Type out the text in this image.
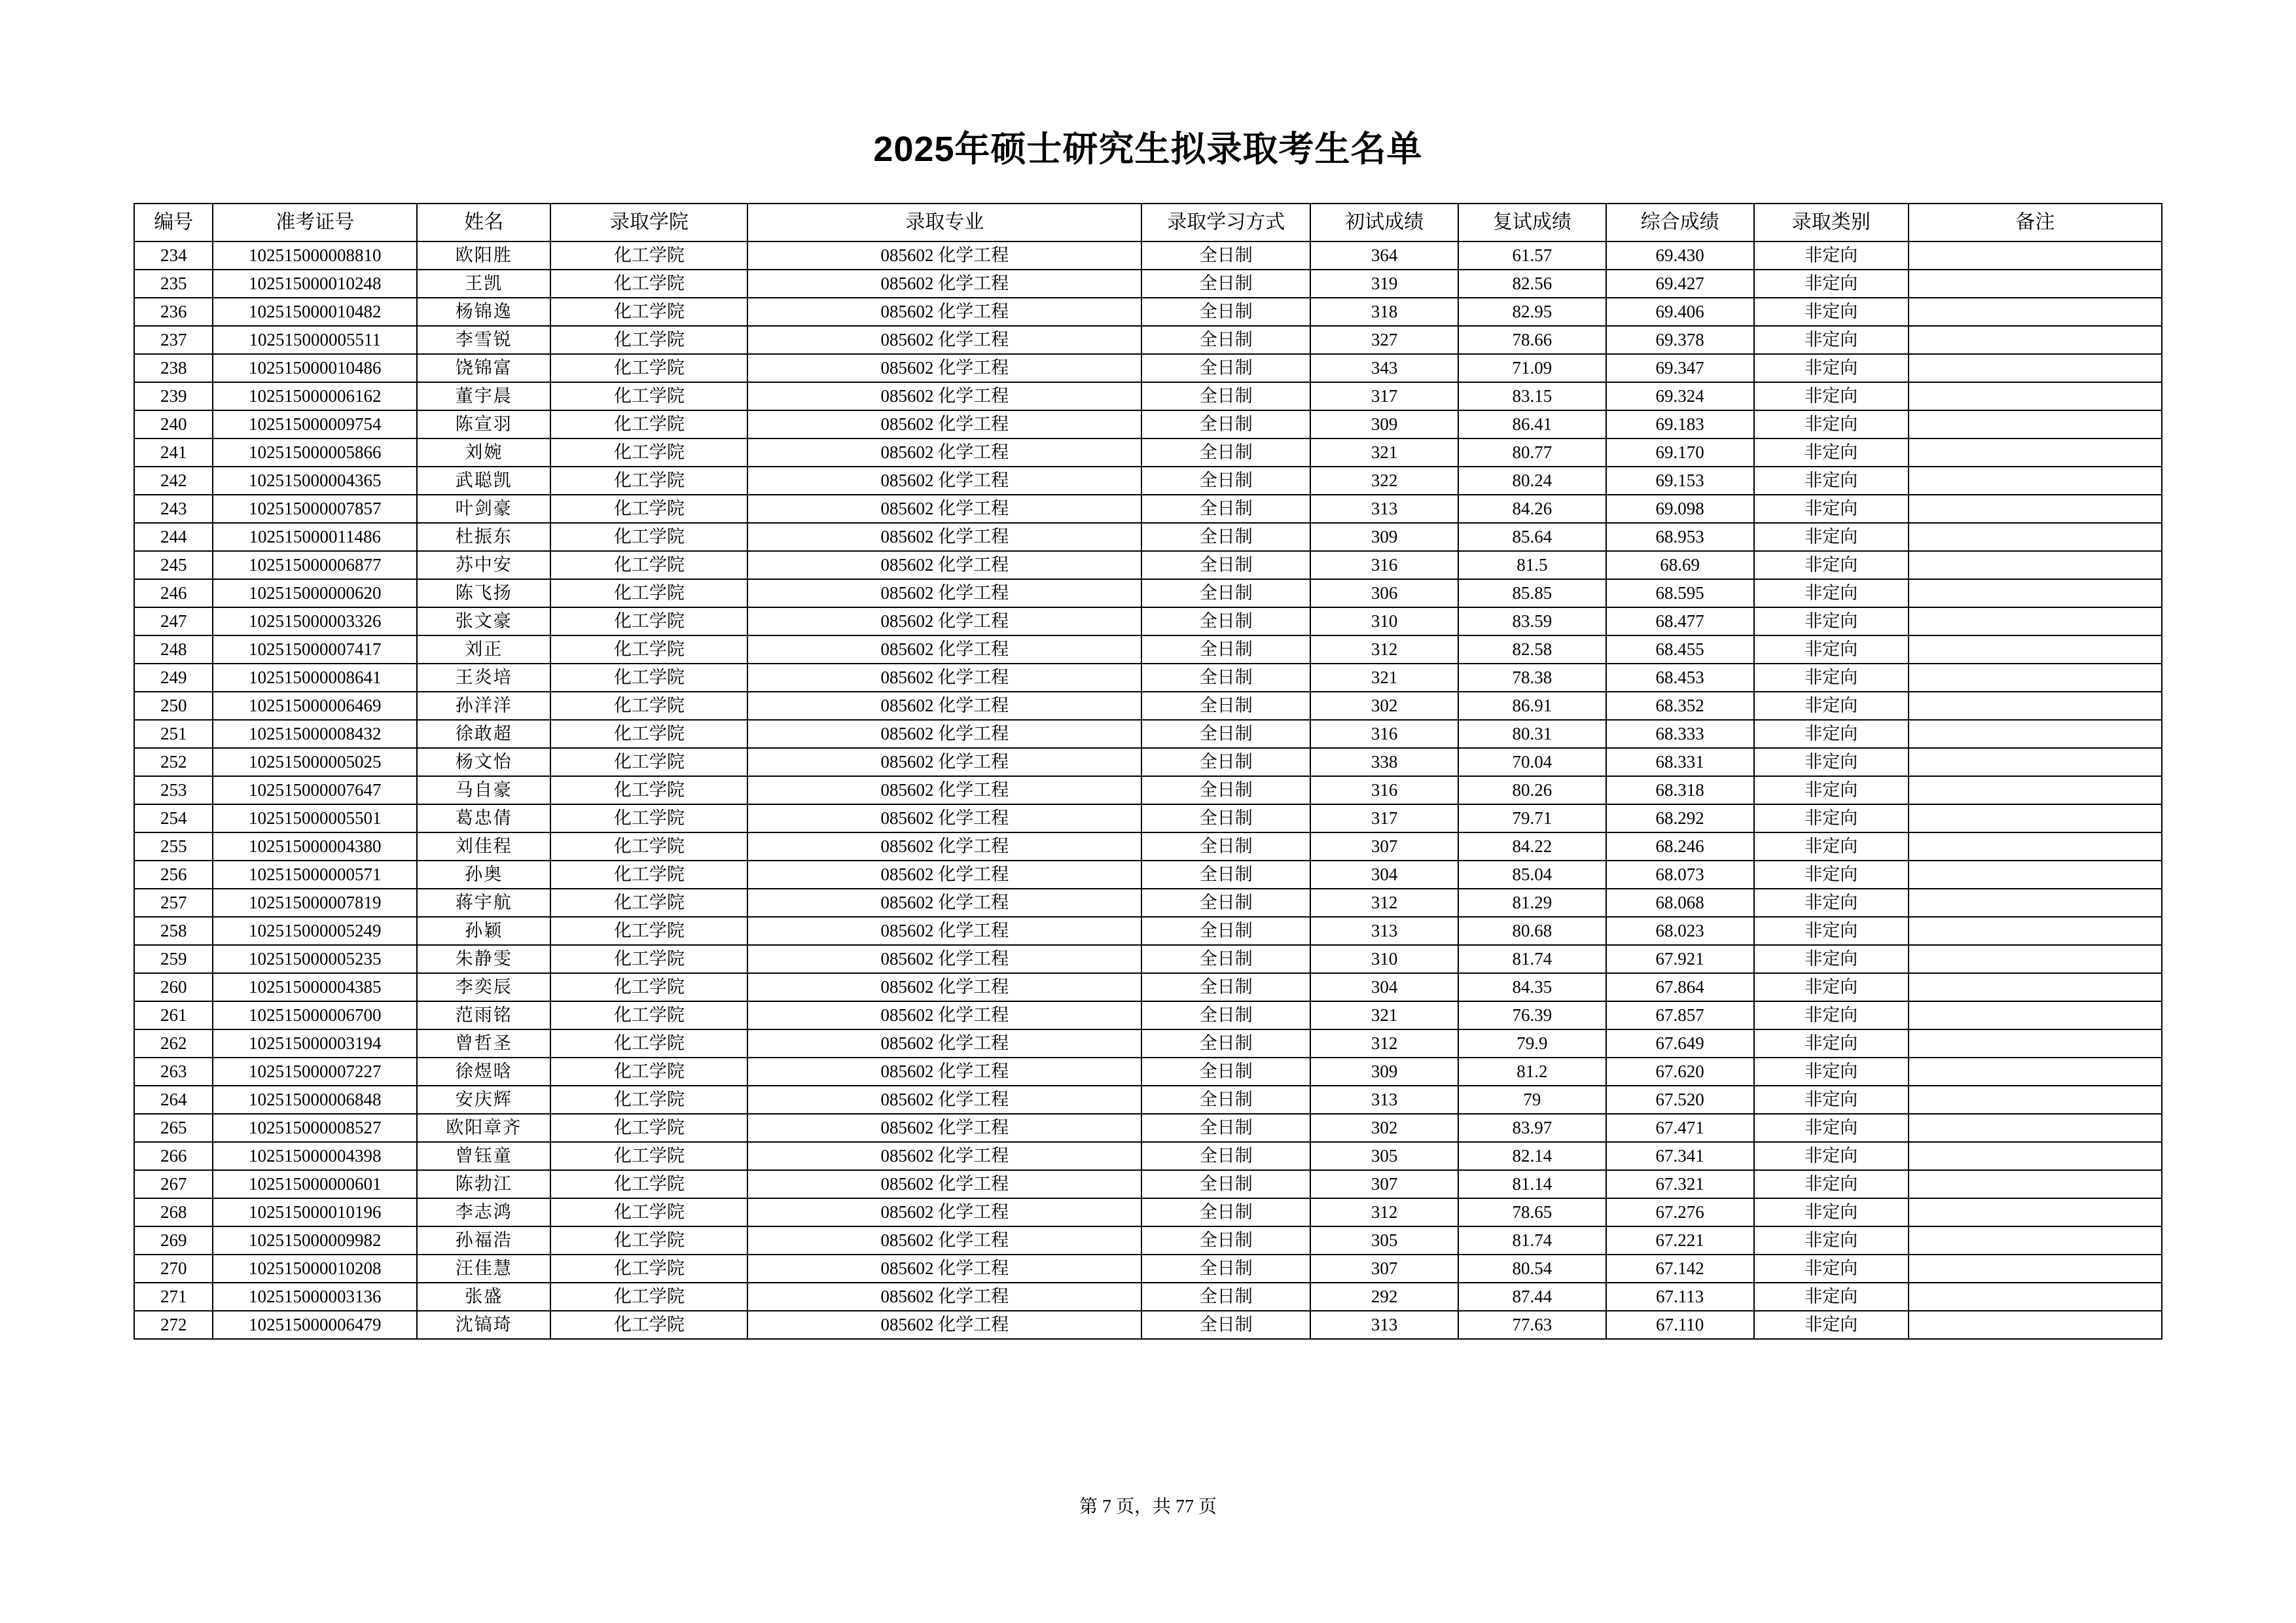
2025年硕士研究生拟录取考生名单
编号	准考证号	姓名	录取学院	录取专业	录取学习方式	初试成绩	复试成绩	综合成绩	录取类别	备注
234	102515000008810	欧阳胜	化工学院	085602 化学工程	全日制	364	61.57	69.430	非定向	
235	102515000010248	王凯	化工学院	085602 化学工程	全日制	319	82.56	69.427	非定向	
236	102515000010482	杨锦逸	化工学院	085602 化学工程	全日制	318	82.95	69.406	非定向	
237	102515000005511	李雪锐	化工学院	085602 化学工程	全日制	327	78.66	69.378	非定向	
238	102515000010486	饶锦富	化工学院	085602 化学工程	全日制	343	71.09	69.347	非定向	
239	102515000006162	董宇晨	化工学院	085602 化学工程	全日制	317	83.15	69.324	非定向	
240	102515000009754	陈宣羽	化工学院	085602 化学工程	全日制	309	86.41	69.183	非定向	
241	102515000005866	刘婉	化工学院	085602 化学工程	全日制	321	80.77	69.170	非定向	
242	102515000004365	武聪凯	化工学院	085602 化学工程	全日制	322	80.24	69.153	非定向	
243	102515000007857	叶剑豪	化工学院	085602 化学工程	全日制	313	84.26	69.098	非定向	
244	102515000011486	杜振东	化工学院	085602 化学工程	全日制	309	85.64	68.953	非定向	
245	102515000006877	苏中安	化工学院	085602 化学工程	全日制	316	81.5	68.69	非定向	
246	102515000000620	陈飞扬	化工学院	085602 化学工程	全日制	306	85.85	68.595	非定向	
247	102515000003326	张文豪	化工学院	085602 化学工程	全日制	310	83.59	68.477	非定向	
248	102515000007417	刘正	化工学院	085602 化学工程	全日制	312	82.58	68.455	非定向	
249	102515000008641	王炎培	化工学院	085602 化学工程	全日制	321	78.38	68.453	非定向	
250	102515000006469	孙洋洋	化工学院	085602 化学工程	全日制	302	86.91	68.352	非定向	
251	102515000008432	徐敢超	化工学院	085602 化学工程	全日制	316	80.31	68.333	非定向	
252	102515000005025	杨文怡	化工学院	085602 化学工程	全日制	338	70.04	68.331	非定向	
253	102515000007647	马自豪	化工学院	085602 化学工程	全日制	316	80.26	68.318	非定向	
254	102515000005501	葛忠倩	化工学院	085602 化学工程	全日制	317	79.71	68.292	非定向	
255	102515000004380	刘佳程	化工学院	085602 化学工程	全日制	307	84.22	68.246	非定向	
256	102515000000571	孙奥	化工学院	085602 化学工程	全日制	304	85.04	68.073	非定向	
257	102515000007819	蒋宇航	化工学院	085602 化学工程	全日制	312	81.29	68.068	非定向	
258	102515000005249	孙颖	化工学院	085602 化学工程	全日制	313	80.68	68.023	非定向	
259	102515000005235	朱静雯	化工学院	085602 化学工程	全日制	310	81.74	67.921	非定向	
260	102515000004385	李奕辰	化工学院	085602 化学工程	全日制	304	84.35	67.864	非定向	
261	102515000006700	范雨铭	化工学院	085602 化学工程	全日制	321	76.39	67.857	非定向	
262	102515000003194	曾哲圣	化工学院	085602 化学工程	全日制	312	79.9	67.649	非定向	
263	102515000007227	徐煜晗	化工学院	085602 化学工程	全日制	309	81.2	67.620	非定向	
264	102515000006848	安庆辉	化工学院	085602 化学工程	全日制	313	79	67.520	非定向	
265	102515000008527	欧阳章齐	化工学院	085602 化学工程	全日制	302	83.97	67.471	非定向	
266	102515000004398	曾钰童	化工学院	085602 化学工程	全日制	305	82.14	67.341	非定向	
267	102515000000601	陈勃江	化工学院	085602 化学工程	全日制	307	81.14	67.321	非定向	
268	102515000010196	李志鸿	化工学院	085602 化学工程	全日制	312	78.65	67.276	非定向	
269	102515000009982	孙福浩	化工学院	085602 化学工程	全日制	305	81.74	67.221	非定向	
270	102515000010208	汪佳慧	化工学院	085602 化学工程	全日制	307	80.54	67.142	非定向	
271	102515000003136	张盛	化工学院	085602 化学工程	全日制	292	87.44	67.113	非定向	
272	102515000006479	沈镐琦	化工学院	085602 化学工程	全日制	313	77.63	67.110	非定向	
第 7 页，共 77 页
